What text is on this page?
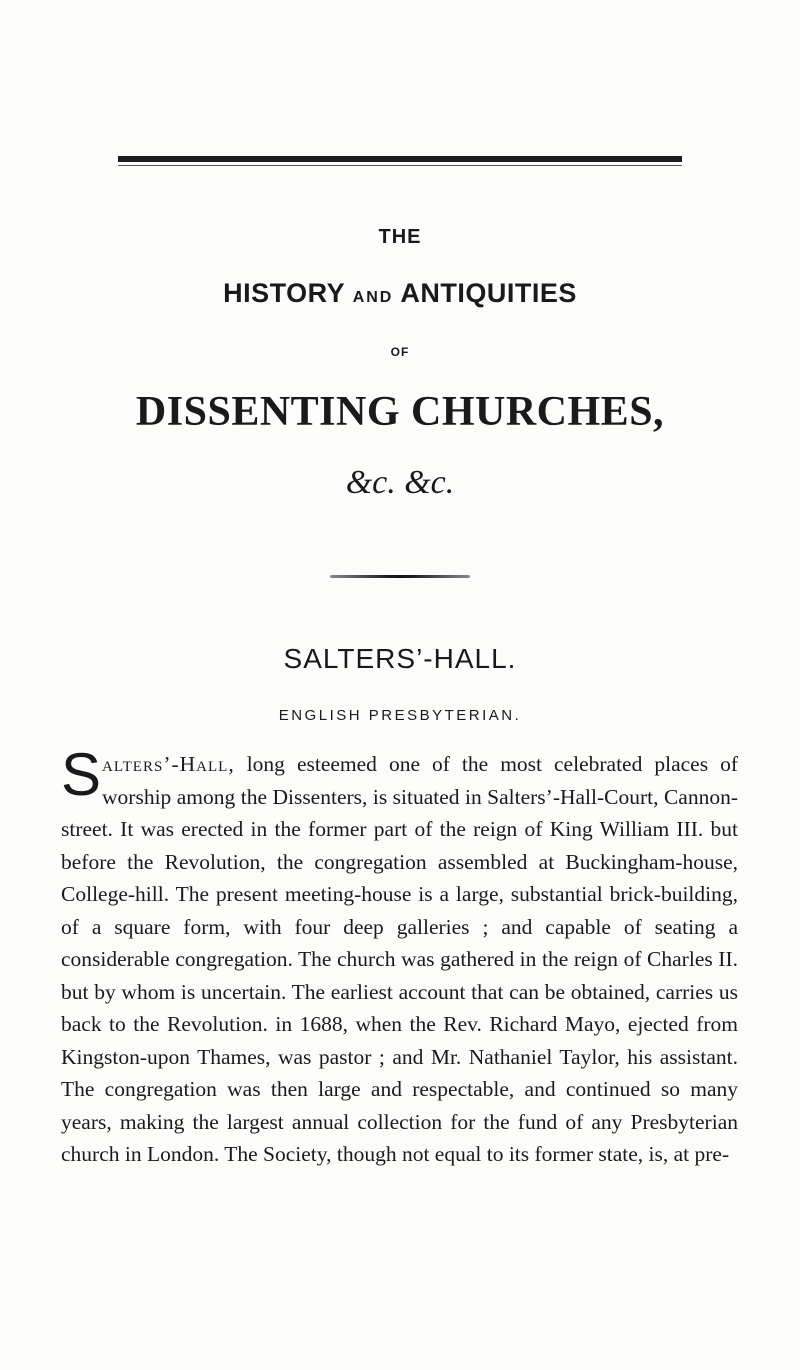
THE
HISTORY AND ANTIQUITIES
OF
DISSENTING CHURCHES,
&c. &c.
SALTERS’-HALL.
ENGLISH PRESBYTERIAN.
Salters’-Hall, long esteemed one of the most celebrated places of worship among the Dissenters, is situated in Salters’-Hall-Court, Cannon-street. It was erected in the former part of the reign of King William III. but before the Revolution, the congregation assembled at Buckingham-house, College-hill. The present meeting-house is a large, substantial brick-building, of a square form, with four deep galleries ; and capable of seating a considerable congregation. The church was gathered in the reign of Charles II. but by whom is uncertain. The earliest account that can be obtained, carries us back to the Revolution. in 1688, when the Rev. Richard Mayo, ejected from Kingston-upon Thames, was pastor ; and Mr. Nathaniel Taylor, his assistant. The congregation was then large and respectable, and continued so many years, making the largest annual collection for the fund of any Presbyterian church in London. The Society, though not equal to its former state, is, at pre-
